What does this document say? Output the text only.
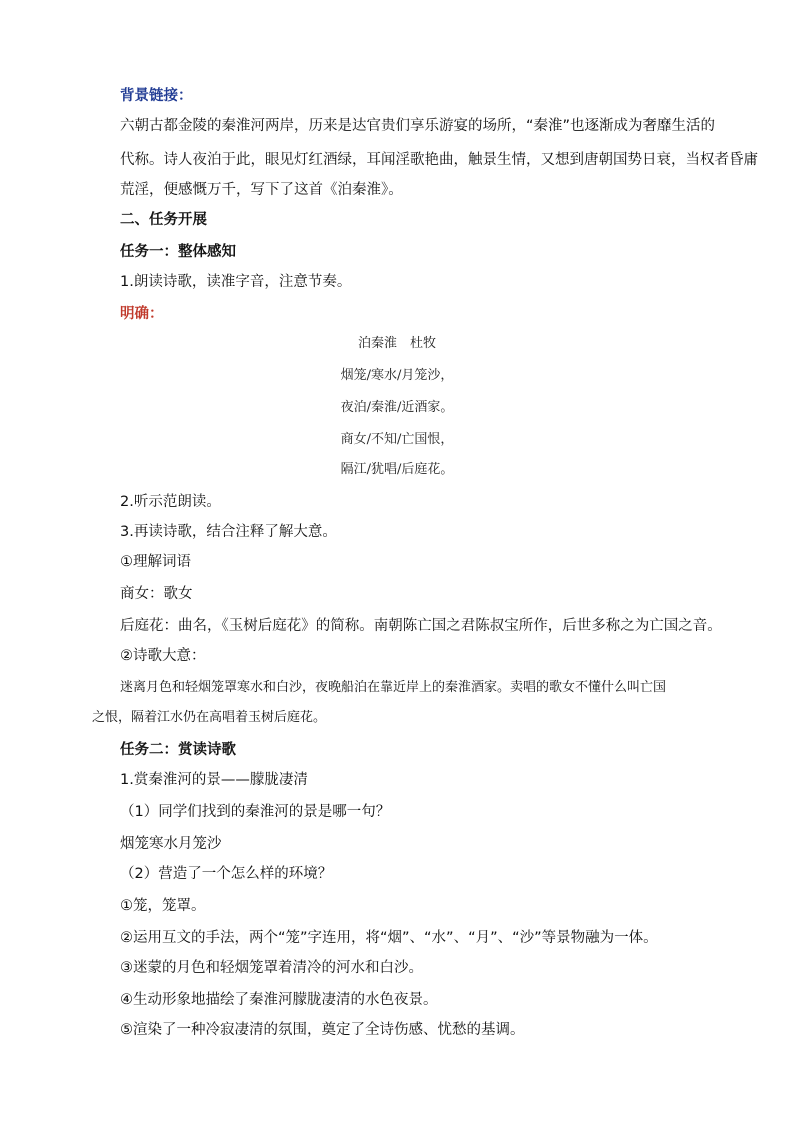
背景链接：
六朝古都金陵的秦淮河两岸，历来是达官贵们享乐游宴的场所，“秦淮”也逐渐成为奢靡生活的
代称。诗人夜泊于此，眼见灯红酒绿，耳闻淫歌艳曲，触景生情，又想到唐朝国势日衰，当权者昏庸
荒淫，便感慨万千，写下了这首《泊秦淮》。
二、任务开展
任务一：整体感知
1.朗读诗歌，读准字音，注意节奏。
明确：
泊秦淮　杜牧
烟笼/寒水/月笼沙，
夜泊/秦淮/近酒家。
商女/不知/亡国恨，
隔江/犹唱/后庭花。
2.听示范朗读。
3.再读诗歌，结合注释了解大意。
①理解词语
商女：歌女
后庭花：曲名，《玉树后庭花》的简称。南朝陈亡国之君陈叔宝所作，后世多称之为亡国之音。
②诗歌大意：
迷离月色和轻烟笼罩寒水和白沙，夜晚船泊在靠近岸上的秦淮酒家。卖唱的歌女不懂什么叫亡国
之恨，隔着江水仍在高唱着玉树后庭花。
任务二：赏读诗歌
1.赏秦淮河的景——朦胧凄清
（1）同学们找到的秦淮河的景是哪一句？
烟笼寒水月笼沙
（2）营造了一个怎么样的环境？
①笼，笼罩。
②运用互文的手法，两个“笼”字连用，将“烟”、“水”、“月”、“沙”等景物融为一体。
③迷蒙的月色和轻烟笼罩着清冷的河水和白沙。
④生动形象地描绘了秦淮河朦胧凄清的水色夜景。
⑤渲染了一种冷寂凄清的氛围，奠定了全诗伤感、忧愁的基调。
